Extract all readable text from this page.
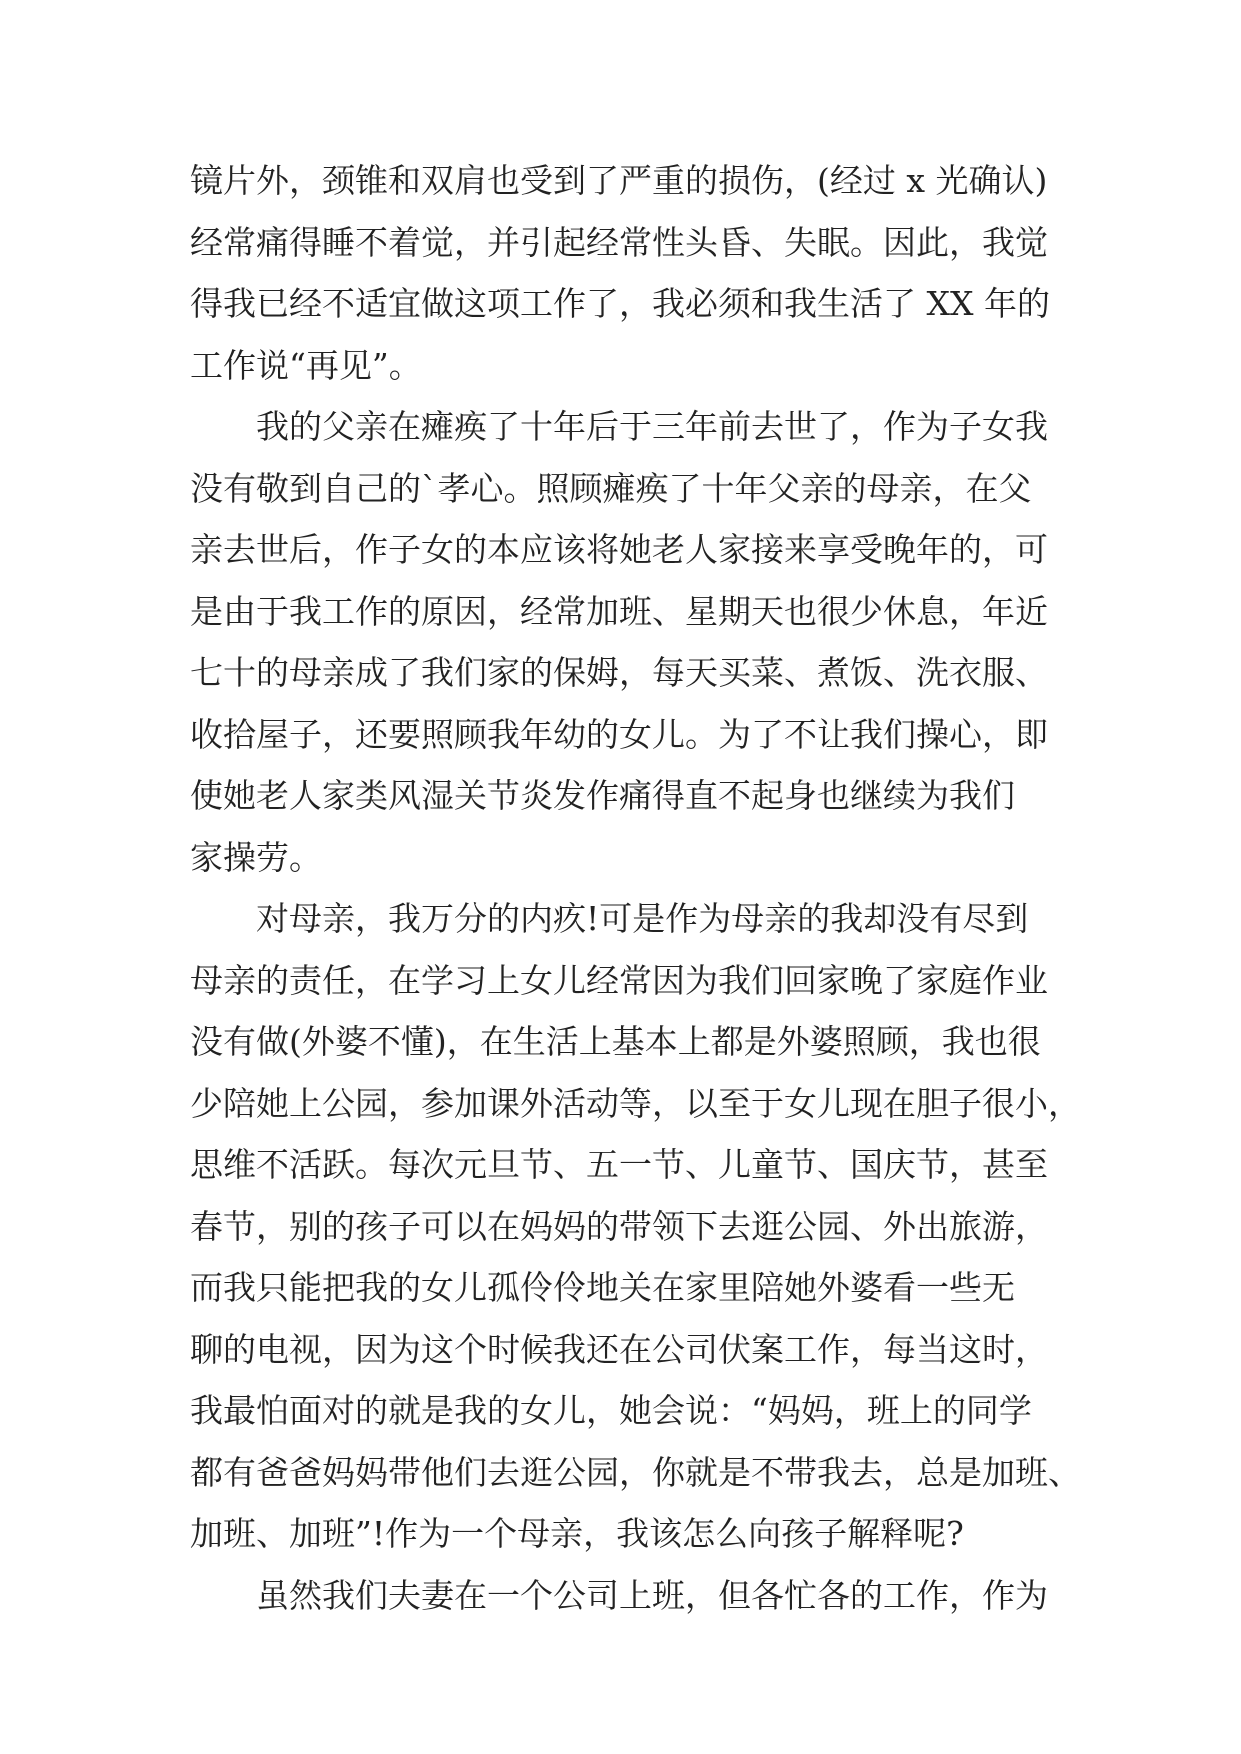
镜片外，颈锥和双肩也受到了严重的损伤，(经过 x 光确认)
经常痛得睡不着觉，并引起经常性头昏、失眠。因此，我觉
得我已经不适宜做这项工作了，我必须和我生活了 XX 年的
工作说“再见”。
我的父亲在瘫痪了十年后于三年前去世了，作为子女我
没有敬到自己的`孝心。照顾瘫痪了十年父亲的母亲，在父
亲去世后，作子女的本应该将她老人家接来享受晚年的，可
是由于我工作的原因，经常加班、星期天也很少休息，年近
七十的母亲成了我们家的保姆，每天买菜、煮饭、洗衣服、
收拾屋子，还要照顾我年幼的女儿。为了不让我们操心，即
使她老人家类风湿关节炎发作痛得直不起身也继续为我们
家操劳。
对母亲，我万分的内疚!可是作为母亲的我却没有尽到
母亲的责任，在学习上女儿经常因为我们回家晚了家庭作业
没有做(外婆不懂)，在生活上基本上都是外婆照顾，我也很
少陪她上公园，参加课外活动等，以至于女儿现在胆子很小，
思维不活跃。每次元旦节、五一节、儿童节、国庆节，甚至
春节，别的孩子可以在妈妈的带领下去逛公园、外出旅游，
而我只能把我的女儿孤伶伶地关在家里陪她外婆看一些无
聊的电视，因为这个时候我还在公司伏案工作，每当这时，
我最怕面对的就是我的女儿，她会说：“妈妈，班上的同学
都有爸爸妈妈带他们去逛公园，你就是不带我去，总是加班、
加班、加班”!作为一个母亲，我该怎么向孩子解释呢?
虽然我们夫妻在一个公司上班，但各忙各的工作，作为
